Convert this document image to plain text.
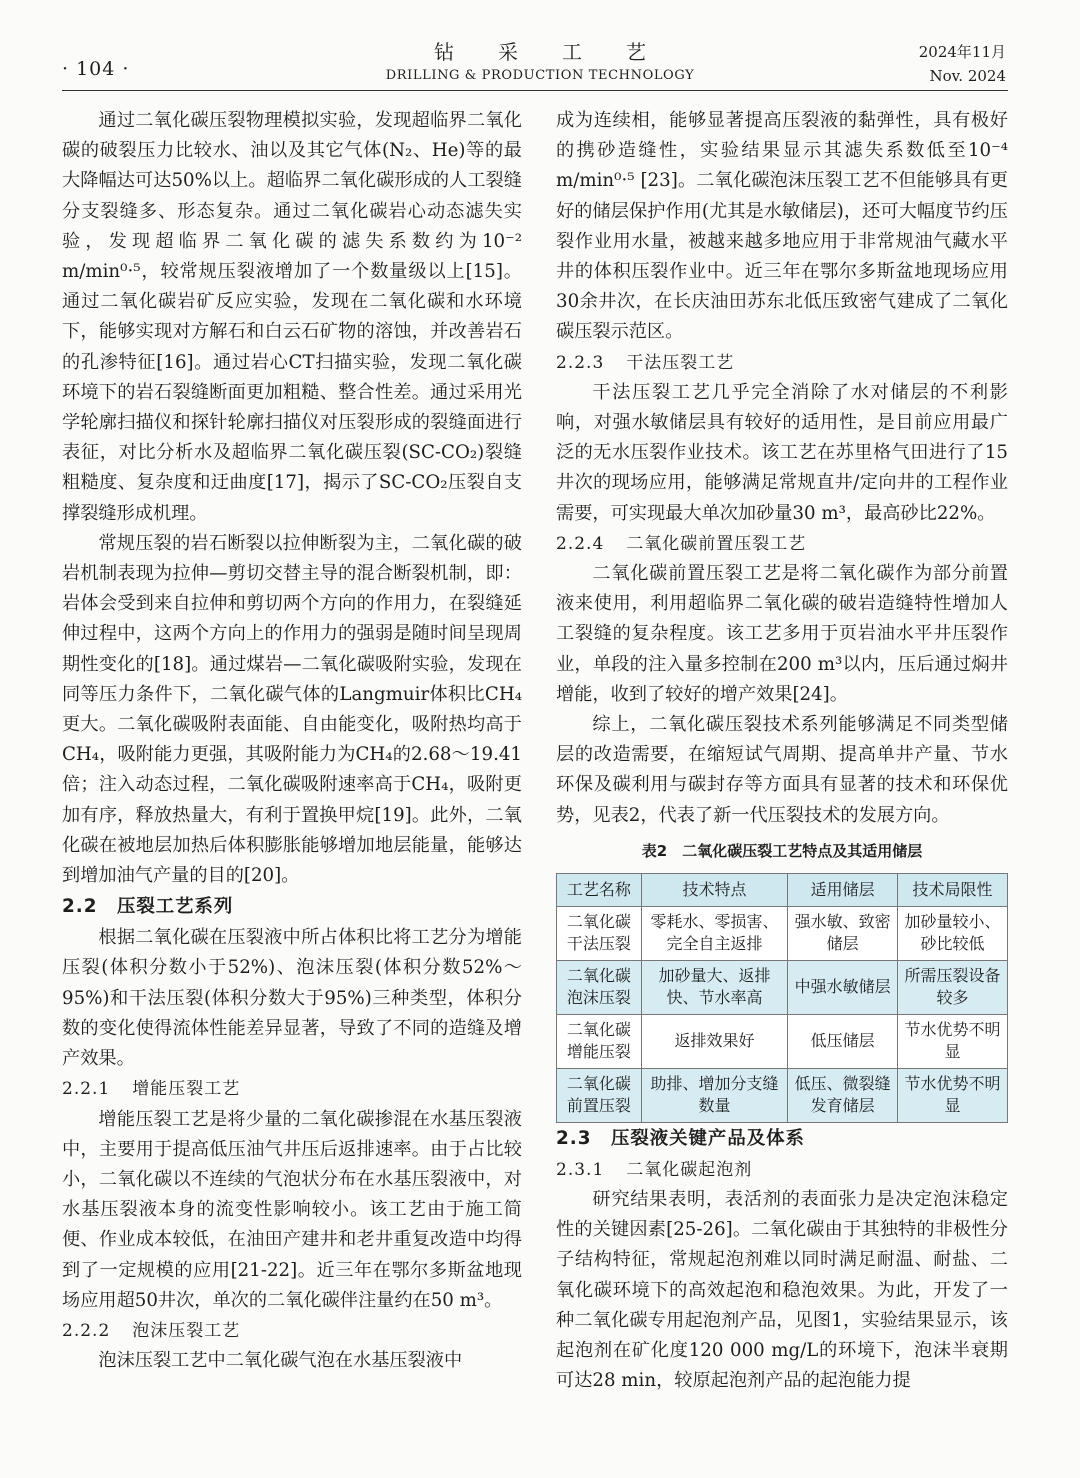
· 104 ·
钻采工艺
DRILLING & PRODUCTION TECHNOLOGY
2024年11月
Nov. 2024

通过二氧化碳压裂物理模拟实验，发现超临界二氧化碳的破裂压力比较水、油以及其它气体(N₂、He)等的最大降幅达可达50%以上。超临界二氧化碳形成的人工裂缝分支裂缝多、形态复杂。通过二氧化碳岩心动态滤失实验，发现超临界二氧化碳的滤失系数约为10⁻² m/min⁰·⁵，较常规压裂液增加了一个数量级以上[15]。通过二氧化碳岩矿反应实验，发现在二氧化碳和水环境下，能够实现对方解石和白云石矿物的溶蚀，并改善岩石的孔渗特征[16]。通过岩心CT扫描实验，发现二氧化碳环境下的岩石裂缝断面更加粗糙、整合性差。通过采用光学轮廓扫描仪和探针轮廓扫描仪对压裂形成的裂缝面进行表征，对比分析水及超临界二氧化碳压裂(SC-CO₂)裂缝粗糙度、复杂度和迂曲度[17]，揭示了SC-CO₂压裂自支撑裂缝形成机理。

常规压裂的岩石断裂以拉伸断裂为主，二氧化碳的破岩机制表现为拉伸—剪切交替主导的混合断裂机制，即：岩体会受到来自拉伸和剪切两个方向的作用力，在裂缝延伸过程中，这两个方向上的作用力的强弱是随时间呈现周期性变化的[18]。通过煤岩—二氧化碳吸附实验，发现在同等压力条件下，二氧化碳气体的Langmuir体积比CH₄更大。二氧化碳吸附表面能、自由能变化，吸附热均高于CH₄，吸附能力更强，其吸附能力为CH₄的2.68～19.41倍；注入动态过程，二氧化碳吸附速率高于CH₄，吸附更加有序，释放热量大，有利于置换甲烷[19]。此外，二氧化碳在被地层加热后体积膨胀能够增加地层能量，能够达到增加油气产量的目的[20]。

2.2　压裂工艺系列

根据二氧化碳在压裂液中所占体积比将工艺分为增能压裂(体积分数小于52%)、泡沫压裂(体积分数52%～95%)和干法压裂(体积分数大于95%)三种类型，体积分数的变化使得流体性能差异显著，导致了不同的造缝及增产效果。

2.2.1 增能压裂工艺

增能压裂工艺是将少量的二氧化碳掺混在水基压裂液中，主要用于提高低压油气井压后返排速率。由于占比较小，二氧化碳以不连续的气泡状分布在水基压裂液中，对水基压裂液本身的流变性影响较小。该工艺由于施工简便、作业成本较低，在油田产建井和老井重复改造中均得到了一定规模的应用[21-22]。近三年在鄂尔多斯盆地现场应用超50井次，单次的二氧化碳伴注量约在50 m³。

2.2.2 泡沫压裂工艺

泡沫压裂工艺中二氧化碳气泡在水基压裂液中

成为连续相，能够显著提高压裂液的黏弹性，具有极好的携砂造缝性，实验结果显示其滤失系数低至10⁻⁴ m/min⁰·⁵ [23]。二氧化碳泡沫压裂工艺不但能够具有更好的储层保护作用(尤其是水敏储层)，还可大幅度节约压裂作业用水量，被越来越多地应用于非常规油气藏水平井的体积压裂作业中。近三年在鄂尔多斯盆地现场应用30余井次，在长庆油田苏东北低压致密气建成了二氧化碳压裂示范区。

2.2.3 干法压裂工艺

干法压裂工艺几乎完全消除了水对储层的不利影响，对强水敏储层具有较好的适用性，是目前应用最广泛的无水压裂作业技术。该工艺在苏里格气田进行了15井次的现场应用，能够满足常规直井/定向井的工程作业需要，可实现最大单次加砂量30 m³，最高砂比22%。

2.2.4 二氧化碳前置压裂工艺

二氧化碳前置压裂工艺是将二氧化碳作为部分前置液来使用，利用超临界二氧化碳的破岩造缝特性增加人工裂缝的复杂程度。该工艺多用于页岩油水平井压裂作业，单段的注入量多控制在200 m³以内，压后通过焖井增能，收到了较好的增产效果[24]。

综上，二氧化碳压裂技术系列能够满足不同类型储层的改造需要，在缩短试气周期、提高单井产量、节水环保及碳利用与碳封存等方面具有显著的技术和环保优势，见表2，代表了新一代压裂技术的发展方向。

表2　二氧化碳压裂工艺特点及其适用储层
工艺名称	技术特点	适用储层	技术局限性
二氧化碳干法压裂	零耗水、零损害、完全自主返排	强水敏、致密储层	加砂量较小、砂比较低
二氧化碳泡沫压裂	加砂量大、返排快、节水率高	中强水敏储层	所需压裂设备较多
二氧化碳增能压裂	返排效果好	低压储层	节水优势不明显
二氧化碳前置压裂	助排、增加分支缝数量	低压、微裂缝发育储层	节水优势不明显
2.3　压裂液关键产品及体系
2.3.1 二氧化碳起泡剂

研究结果表明，表活剂的表面张力是决定泡沫稳定性的关键因素[25-26]。二氧化碳由于其独特的非极性分子结构特征，常规起泡剂难以同时满足耐温、耐盐、二氧化碳环境下的高效起泡和稳泡效果。为此，开发了一种二氧化碳专用起泡剂产品，见图1，实验结果显示，该起泡剂在矿化度120 000 mg/L的环境下，泡沫半衰期可达28 min，较原起泡剂产品的起泡能力提
